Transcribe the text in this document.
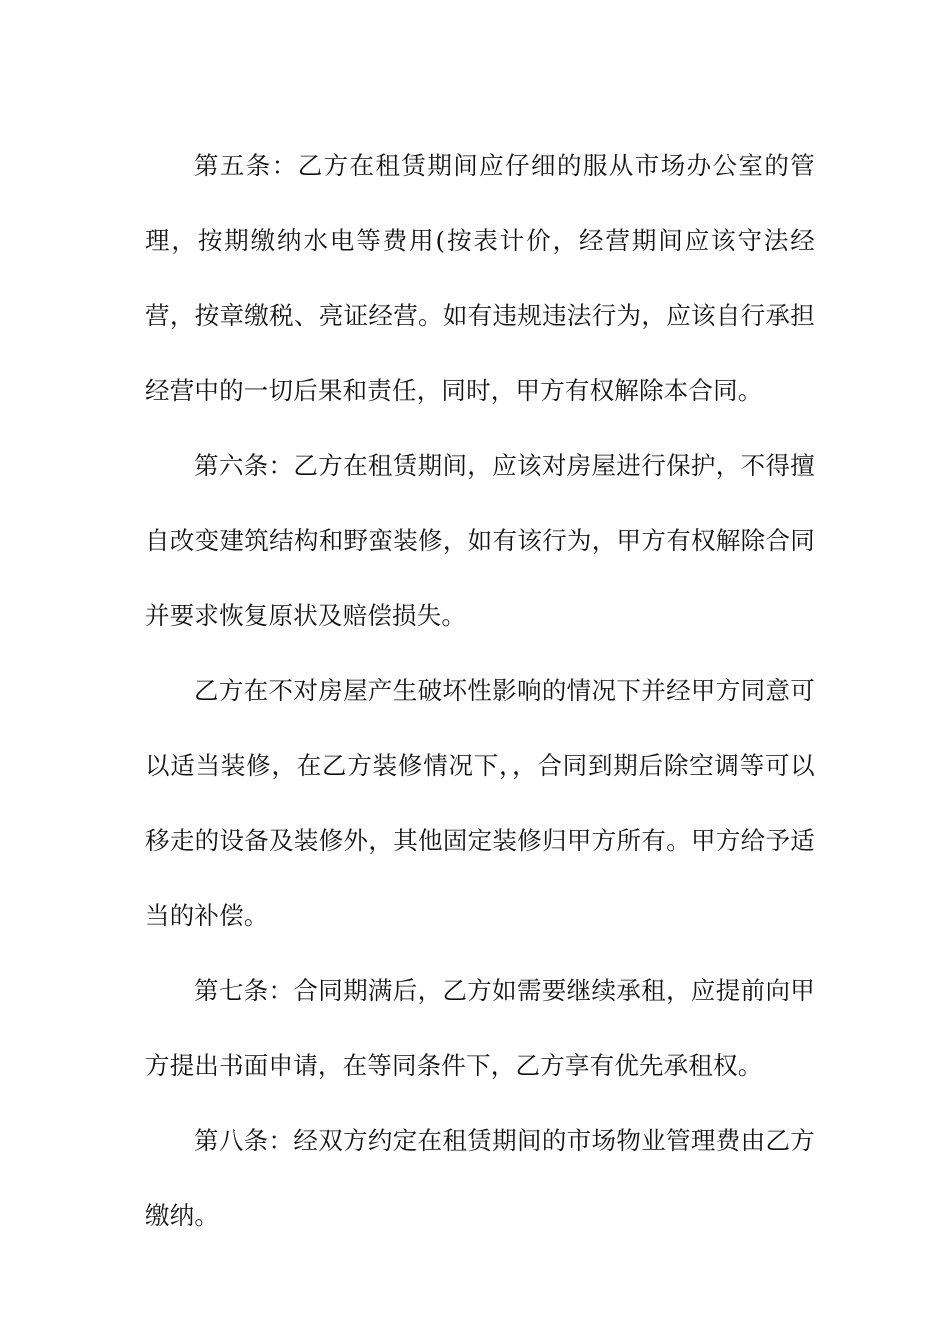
第五条：乙方在租赁期间应仔细的服从市场办公室的管理，按期缴纳水电等费用(按表计价，经营期间应该守法经营，按章缴税、亮证经营。如有违规违法行为，应该自行承担经营中的一切后果和责任，同时，甲方有权解除本合同。

第六条：乙方在租赁期间，应该对房屋进行保护，不得擅自改变建筑结构和野蛮装修，如有该行为，甲方有权解除合同并要求恢复原状及赔偿损失。

乙方在不对房屋产生破坏性影响的情况下并经甲方同意可以适当装修，在乙方装修情况下，，合同到期后除空调等可以移走的设备及装修外，其他固定装修归甲方所有。甲方给予适当的补偿。

第七条：合同期满后，乙方如需要继续承租，应提前向甲方提出书面申请，在等同条件下，乙方享有优先承租权。

第八条：经双方约定在租赁期间的市场物业管理费由乙方缴纳。
